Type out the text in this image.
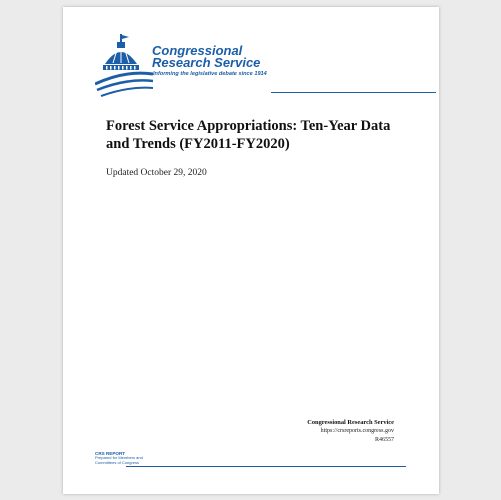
Congressional
Research Service
Informing the legislative debate since 1914
Forest Service Appropriations: Ten-Year Data and Trends (FY2011-FY2020)
Updated October 29, 2020
Congressional Research Service
https://crsreports.congress.gov
R46557
CRS REPORT
Prepared for Members and
Committees of Congress
